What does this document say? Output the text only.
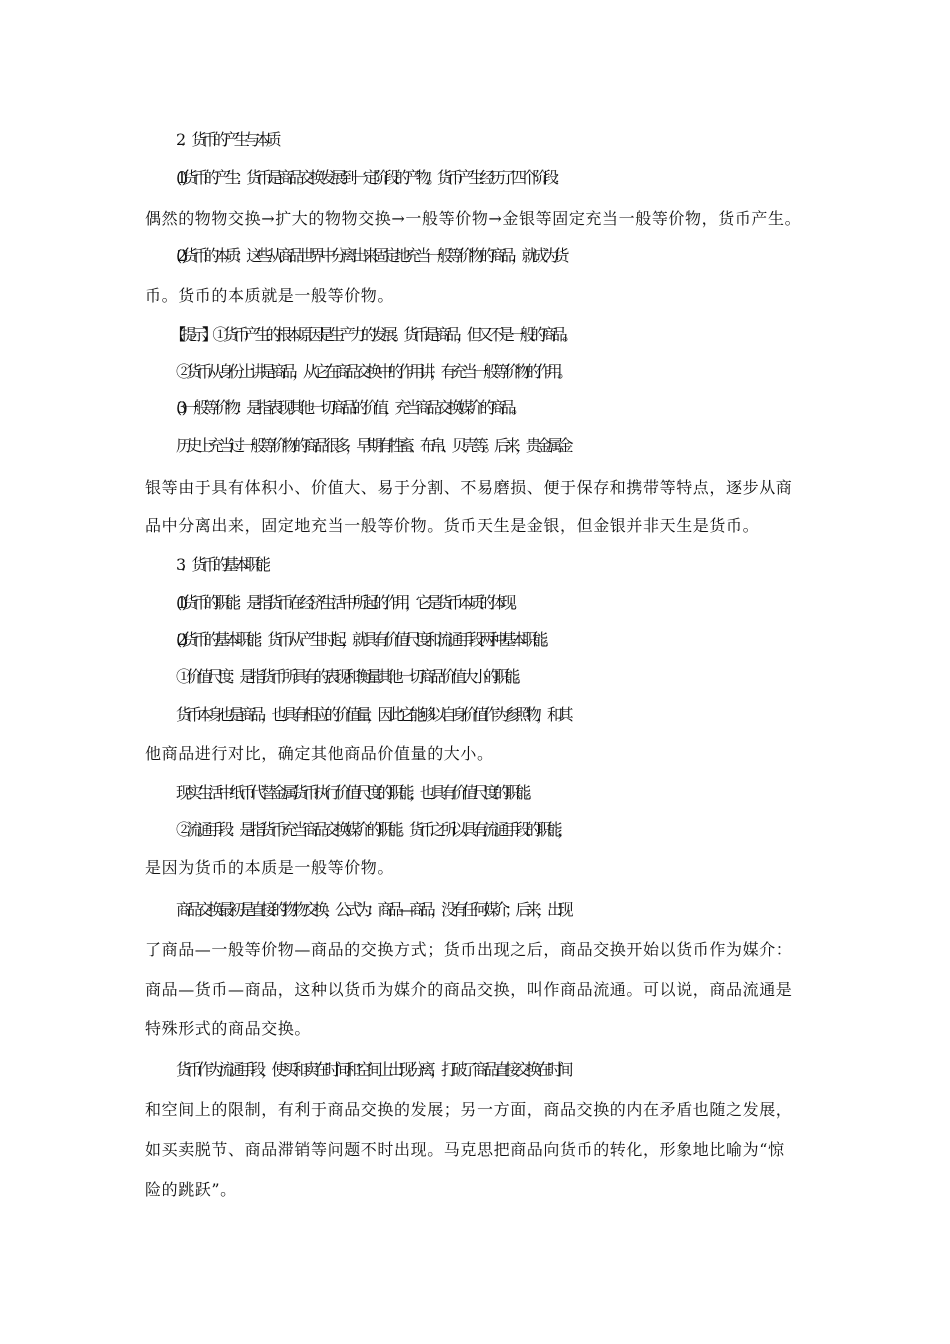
2．货币的产生与本质
(1)货币的产生：货币是商品交换发展到一定阶段的产物。货币产生经历了四个阶段：
偶然的物物交换→扩大的物物交换→一般等价物→金银等固定充当一般等价物，货币产生。
(2)货币的本质：这些从商品世界中分离出来固定地充当一般等价物的商品，就成为货
币。货币的本质就是一般等价物。
【提示】①货币产生的根本原因是生产力的发展。货币是商品，但又不是一般的商品。
② 货币从身份上讲是商品，从它在商品交换中的作用讲，有充当一般等价物的作用。
(3)一般等价物：是指表现其他一切商品的价值，充当商品交换媒介的商品。
历史上充当过一般等价物的商品很多，早期有牲畜、布帛、贝壳等。后来，贵金属金
银等由于具有体积小、价值大、易于分割、不易磨损、便于保存和携带等特点，逐步从商
品中分离出来，固定地充当一般等价物。货币天生是金银，但金银并非天生是货币。
3．货币的基本职能
(1)货币的职能：是指货币在经济生活中所起的作用，它是货币本质的体现。
(2)货币的基本职能：货币从产生时起，就具有价值尺度和流通手段两种基本职能。
① 价值尺度：是指货币所具有的表现和衡量其他一切商品价值大小的职能。
货币本身也是商品，也具有相应的价值量，因此它能够以自身价值作为参照物，和其
他商品进行对比，确定其他商品价值量的大小。
现实生活中纸币代替金属货币执行价值尺度的职能，也具有价值尺度的职能。
② 流通手段：是指货币充当商品交换媒介的职能。货币之所以具有流通手段的职能，
是因为货币的本质是一般等价物。
商品交换最初是直接的物物交换，公式为：商品—商品，没有任何媒介；后来，出现
了商品—一般等价物—商品的交换方式；货币出现之后，商品交换开始以货币作为媒介：
商品—货币—商品，这种以货币为媒介的商品交换，叫作商品流通。可以说，商品流通是
特殊形式的商品交换。
货币作为流通手段，使买和卖在时间和空间上出现分离，打破了商品直接交换在时间
和空间上的限制，有利于商品交换的发展；另一方面，商品交换的内在矛盾也随之发展，
如买卖脱节、商品滞销等问题不时出现。马克思把商品向货币的转化，形象地比喻为“惊
险的跳跃”。
